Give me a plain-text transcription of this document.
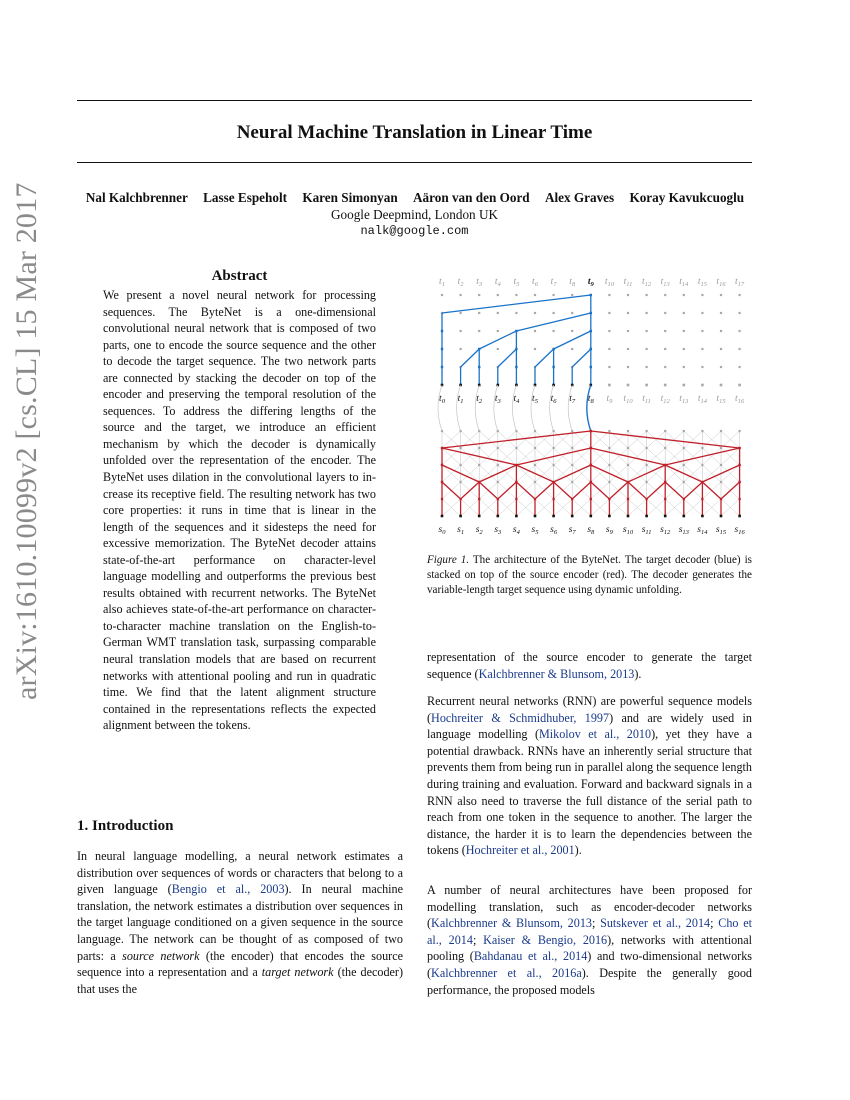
Neural Machine Translation in Linear Time
Nal Kalchbrenner Lasse Espeholt Karen Simonyan Aäron van den Oord Alex Graves Koray Kavukcuoglu
Google Deepmind, London UK
nalk@google.com
arXiv:1610.10099v2 [cs.CL] 15 Mar 2017	Abstract
We present a novel neural network for processing sequences. The ByteNet is a one-dimensional convolutional neural network that is composed of two parts, one to encode the source sequence and the other to decode the target sequence. The two network parts are connected by stacking the decoder on top of the encoder and preserving the temporal resolution of the sequences. To address the differing lengths of the source and the target, we introduce an efficient mechanism by which the decoder is dynamically unfolded over the representation of the encoder. The ByteNet uses dilation in the convolutional layers to increase its receptive field. The resulting network has two core properties: it runs in time that is linear in the length of the sequences and it sidesteps the need for excessive memorization. The ByteNet decoder attains state-of-the-art performance on character-level language modelling and outperforms the previous best results obtained with recurrent networks. The ByteNet also achieves state-of-the-art performance on character-to-character machine translation on the English-to-German WMT translation task, surpassing comparable neural translation models that are based on recurrent networks with attentional pooling and run in quadratic time. We find that the latent alignment structure contained in the representations reflects the expected alignment between the tokens.
1. Introduction
In neural language modelling, a neural network estimates a distribution over sequences of words or characters that belong to a given language (Bengio et al., 2003). In neural machine translation, the network estimates a distribution over sequences in the target language conditioned on a given sequence in the source language. The network can be thought of as composed of two parts: a source network (the encoder) that encodes the source sequence into a representation and a target network (the decoder) that uses the
$t_1$ $t_2$ $t_3$ $t_4$ $t_5$ $t_6$ $t_7$ $t_8$ $t_9$ $t_{10}$ $t_{11}$ $t_{12}$ $t_{13}$ $t_{14}$ $t_{15}$ $t_{16}$ $t_{17}$
$t_0$ $t_1$ $t_2$ $t_3$ $t_4$ $t_5$ $t_6$ $t_7$ $t_8$ $t_9$ $t_{10}$ $t_{11}$ $t_{12}$ $t_{13}$ $t_{14}$ $t_{15}$ $t_{16}$
$s_0$ $s_1$ $s_2$ $s_3$ $s_4$ $s_5$ $s_6$ $s_7$ $s_8$ $s_9$ $s_{10}$ $s_{11}$ $s_{12}$ $s_{13}$ $s_{14}$ $s_{15}$ $s_{16}$
Figure 1. The architecture of the ByteNet. The target decoder (blue) is stacked on top of the source encoder (red). The decoder generates the variable-length target sequence using dynamic unfolding.
representation of the source encoder to generate the target sequence (Kalchbrenner & Blunsom, 2013).
Recurrent neural networks (RNN) are powerful sequence models (Hochreiter & Schmidhuber, 1997) and are widely used in language modelling (Mikolov et al., 2010), yet they have a potential drawback. RNNs have an inherently serial structure that prevents them from being run in parallel along the sequence length during training and evaluation. Forward and backward signals in a RNN also need to traverse the full distance of the serial path to reach from one token in the sequence to another. The larger the distance, the harder it is to learn the dependencies between the tokens (Hochreiter et al., 2001).
A number of neural architectures have been proposed for modelling translation, such as encoder-decoder networks (Kalchbrenner & Blunsom, 2013; Sutskever et al., 2014; Cho et al., 2014; Kaiser & Bengio, 2016), networks with attentional pooling (Bahdanau et al., 2014) and two-dimensional networks (Kalchbrenner et al., 2016a). Despite the generally good performance, the proposed models
